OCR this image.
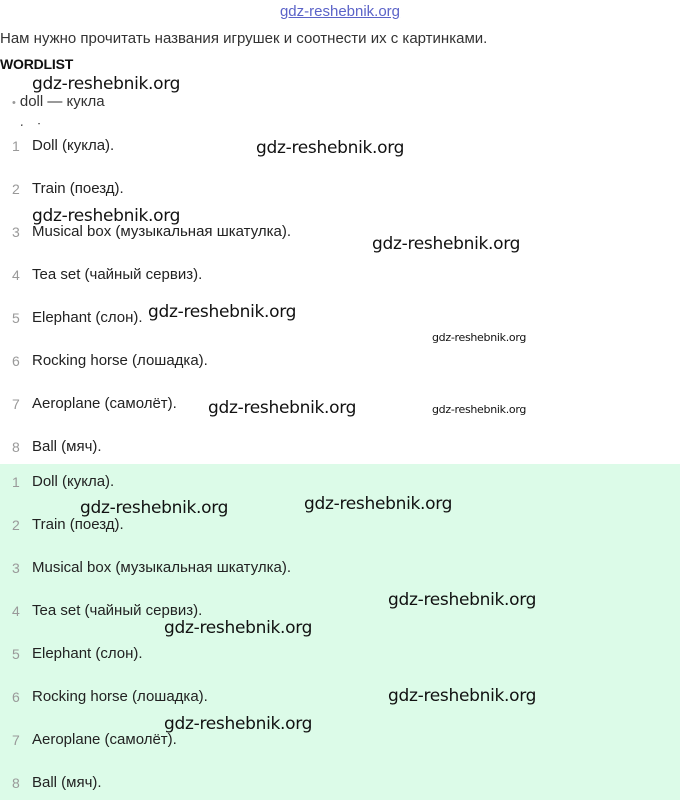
gdz-reshebnik.org
Нам нужно прочитать названия игрушек и соотнести их с картинками.
WORDLIST
• doll — кукла
1 Doll (кукла).
2 Train (поезд).
3 Musical box (музыкальная шкатулка).
4 Tea set (чайный сервиз).
5 Elephant (слон).
6 Rocking horse (лошадка).
7 Aeroplane (самолёт).
8 Ball (мяч).
1 Doll (кукла).
2 Train (поезд).
3 Musical box (музыкальная шкатулка).
4 Tea set (чайный сервиз).
5 Elephant (слон).
6 Rocking horse (лошадка).
7 Aeroplane (самолёт).
8 Ball (мяч).
gdz-reshebnik.org
gdz-reshebnik.org
gdz-reshebnik.org
gdz-reshebnik.org
gdz-reshebnik.org
gdz-reshebnik.org
gdz-reshebnik.org	gdz-reshebnik.org
gdz-reshebnik.org	gdz-reshebnik.org
gdz-reshebnik.org
gdz-reshebnik.org
gdz-reshebnik.org
gdz-reshebnik.org
